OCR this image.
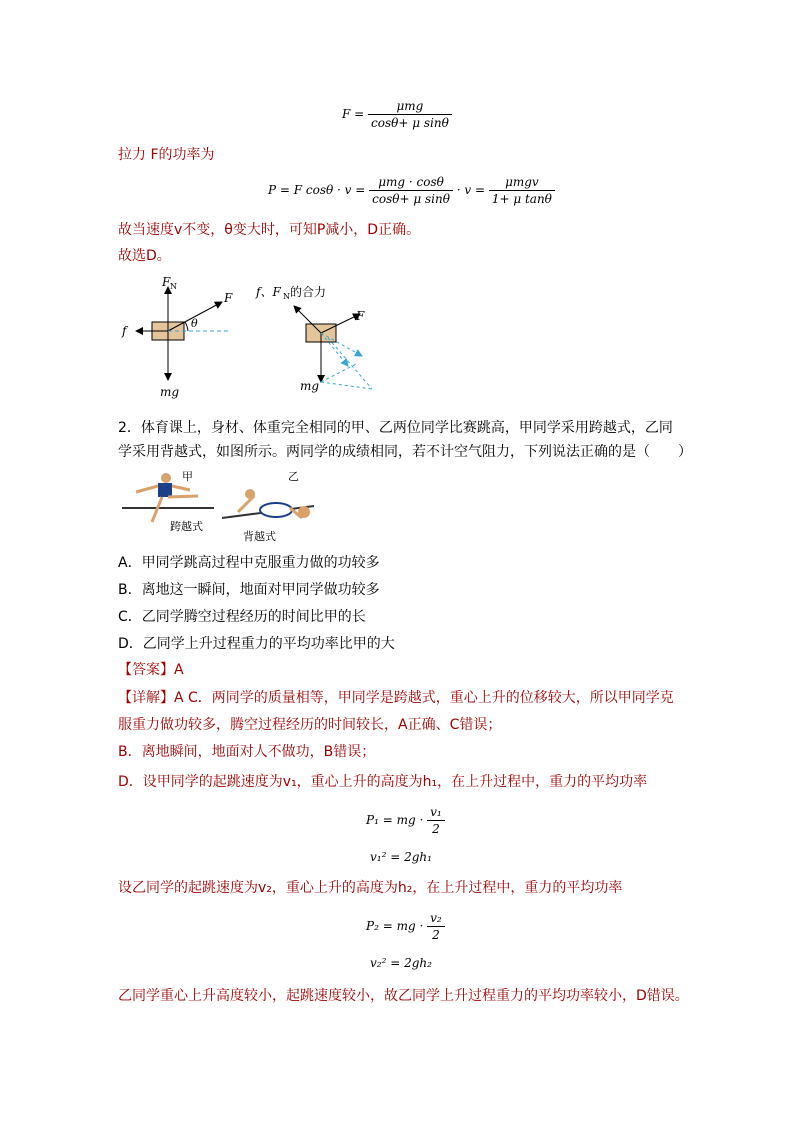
$F = \frac{\text{μmg}}{\text{cosθ+ μ sinθ}}$
拉力 F的功率为
P = F $\cos\theta \cdot v = \frac{\text{μmg · cosθ}}{\text{cosθ+ μ sinθ}} \cdot v = \frac{\text{μmgv}}{\text{1+ μ tanθ}}$
故当速度v不变，θ变大时，可知P减小，D正确。
故选D。
F N
F
f
θ
mg
f、F N 的合力
F
mg
2．体育课上，身材、体重完全相同的甲、乙两位同学比赛跳高，甲同学采用跨越式，乙同
学采用背越式，如图所示。两同学的成绩相同，若不计空气阻力，下列说法正确的是（　　）
甲
跨越式
乙
背越式
A．甲同学跳高过程中克服重力做的功较多
B．离地这一瞬间，地面对甲同学做功较多
C．乙同学腾空过程经历的时间比甲的长
D．乙同学上升过程重力的平均功率比甲的大
【答案】A
【详解】A C．两同学的质量相等，甲同学是跨越式，重心上升的位移较大，所以甲同学克
服重力做功较多，腾空过程经历的时间较长，A正确、C错误；
B．离地瞬间，地面对人不做功，B错误；
D．设甲同学的起跳速度为v₁，重心上升的高度为h₁，在上升过程中，重力的平均功率
P₁ = mg · $\frac{\text{v₁}}{2}$
v₁² = 2gh₁
设乙同学的起跳速度为v₂，重心上升的高度为h₂，在上升过程中，重力的平均功率
P₂ = mg · $\frac{\text{v₂}}{2}$
v₂² = 2gh₂
乙同学重心上升高度较小，起跳速度较小，故乙同学上升过程重力的平均功率较小，D错误。
